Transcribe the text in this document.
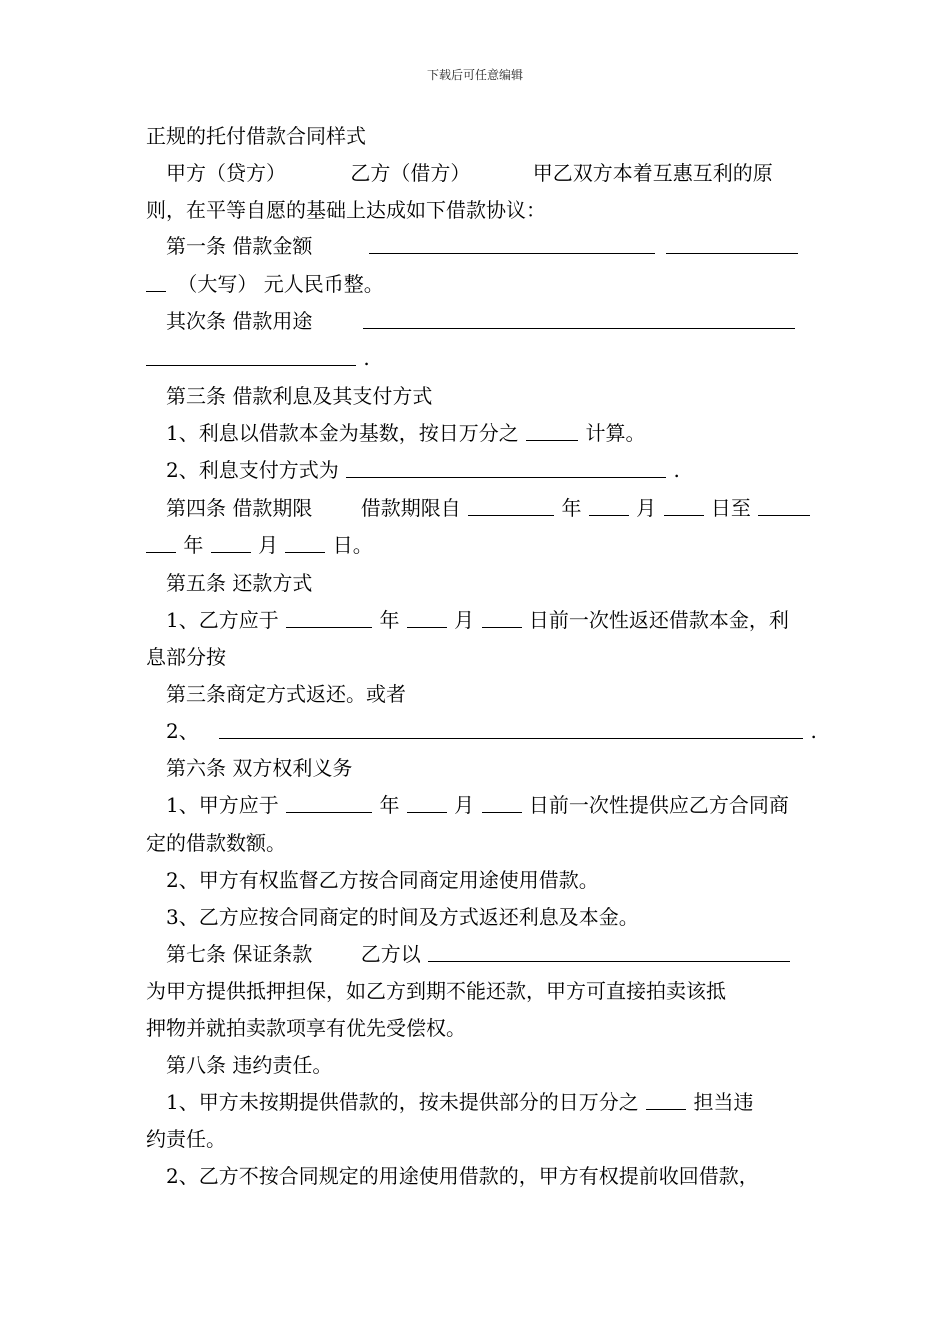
下载后可任意编辑
正规的托付借款合同样式
甲方（贷方）	乙方（借方）	甲乙双方本着互惠互利的原
则，在平等自愿的基础上达成如下借款协议：
第一条 借款金额
（大写） 元人民币整。
其次条 借款用途
.
第三条 借款利息及其支付方式
1、利息以借款本金为基数，按日万分之	计算。
2、利息支付方式为	.
第四条 借款期限 借款期限自	年	月	日至
年	月	日。
第五条 还款方式
1、乙方应于	年	月	日前一次性返还借款本金，利
息部分按
第三条商定方式返还。或者
2、	.
第六条 双方权利义务
1、甲方应于	年	月	日前一次性提供应乙方合同商
定的借款数额。
2、甲方有权监督乙方按合同商定用途使用借款。
3、乙方应按合同商定的时间及方式返还利息及本金。
第七条 保证条款 乙方以
为甲方提供抵押担保，如乙方到期不能还款，甲方可直接拍卖该抵
押物并就拍卖款项享有优先受偿权。
第八条 违约责任。
1、甲方未按期提供借款的，按未提供部分的日万分之	担当违
约责任。
2、乙方不按合同规定的用途使用借款的，甲方有权提前收回借款，
